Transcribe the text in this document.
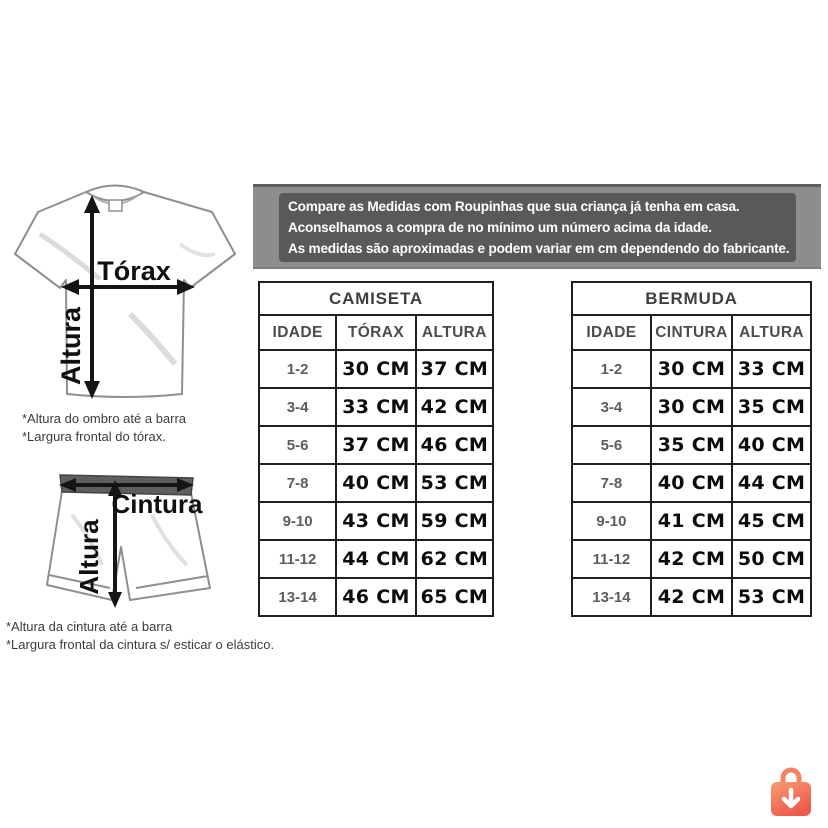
Compare as Medidas com Roupinhas que sua criança já tenha em casa.
Aconselhamos a compra de no mínimo um número acima da idade.
As medidas são aproximadas e podem variar em cm dependendo do fabricante.
Tórax
Altura
*Altura do ombro até a barra
*Largura frontal do tórax.
Cintura
Altura
*Altura da cintura até a barra
*Largura frontal da cintura s/ esticar o elástico.
CAMISETA		
IDADE	TÓRAX	ALTURA
1-2	30 CM	37 CM
3-4	33 CM	42 CM
5-6	37 CM	46 CM
7-8	40 CM	53 CM
9-10	43 CM	59 CM
11-12	44 CM	62 CM
13-14	46 CM	65 CM
BERMUDA		
IDADE	CINTURA	ALTURA
1-2	30 CM	33 CM
3-4	30 CM	35 CM
5-6	35 CM	40 CM
7-8	40 CM	44 CM
9-10	41 CM	45 CM
11-12	42 CM	50 CM
13-14	42 CM	53 CM
